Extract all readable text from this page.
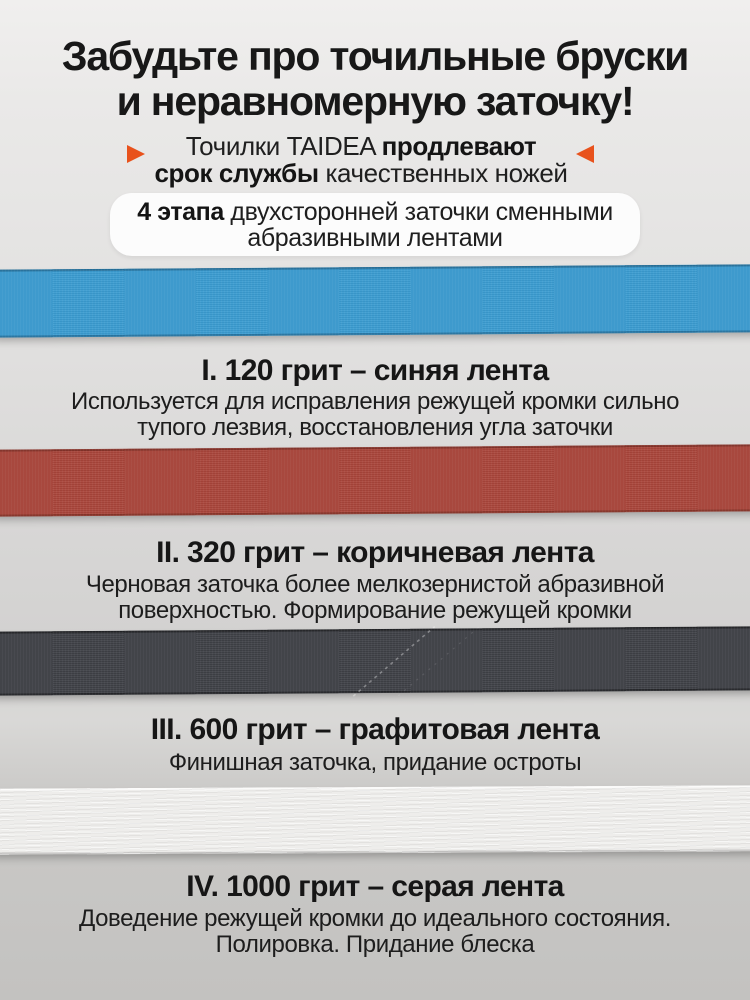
Забудьте про точильные бруски
и неравномерную заточку!
Точилки TAIDEA продлевают
срок службы качественных ножей
4 этапа двухсторонней заточки сменными
абразивными лентами
I. 120 грит – синяя лента
Используется для исправления режущей кромки сильно
тупого лезвия, восстановления угла заточки
II. 320 грит – коричневая лента
Черновая заточка более мелкозернистой абразивной
поверхностью. Формирование режущей кромки
III. 600 грит – графитовая лента
Финишная заточка, придание остроты
IV. 1000 грит – серая лента
Доведение режущей кромки до идеального состояния.
Полировка. Придание блеска
